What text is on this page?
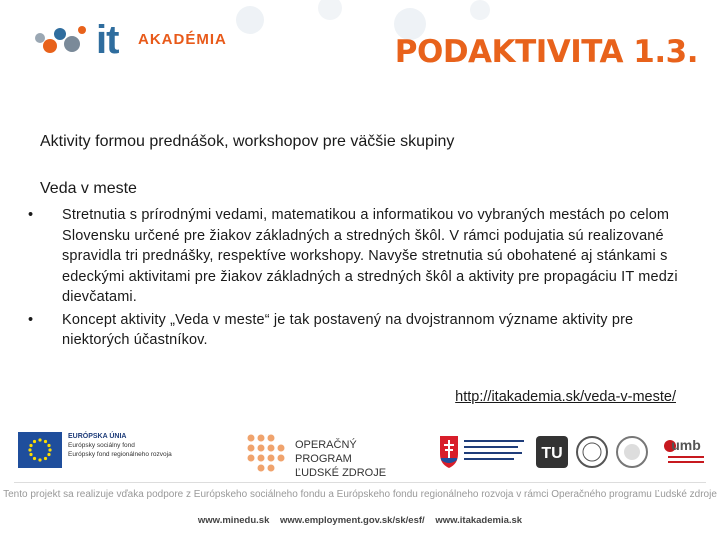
it AKADÉMIA	PODAKTIVITA 1.3.
Aktivity formou prednášok, workshopov pre väčšie skupiny
Veda v meste
• Stretnutia s prírodnými vedami, matematikou a informatikou vo vybraných mestách po celom Slovensku určené pre žiakov základných a stredných škôl. V rámci podujatia sú realizované spravidla tri prednášky, respektíve workshopy. Navyše stretnutia sú obohatené aj stánkami s edeckými aktivitami pre žiakov základných a stredných škôl a aktivity pre propagáciu IT medzi dievčatami.
• Koncept aktivity „Veda v meste“ je tak postavený na dvojstrannom význame aktivity pre niektorých účastníkov.
http://itakademia.sk/veda-v-meste/
EURÓPSKA ÚNIA
Európsky sociálny fond
Európsky fond regionálneho rozvoja
OPERAČNÝ PROGRAM
ĽUDSKÉ ZDROJE
TU	umb
Tento projekt sa realizuje vďaka podpore z Európskeho sociálneho fondu a Európskeho fondu regionálneho rozvoja v rámci Operačného programu Ľudské zdroje
www.minedu.sk www.employment.gov.sk/sk/esf/ www.itakademia.sk
